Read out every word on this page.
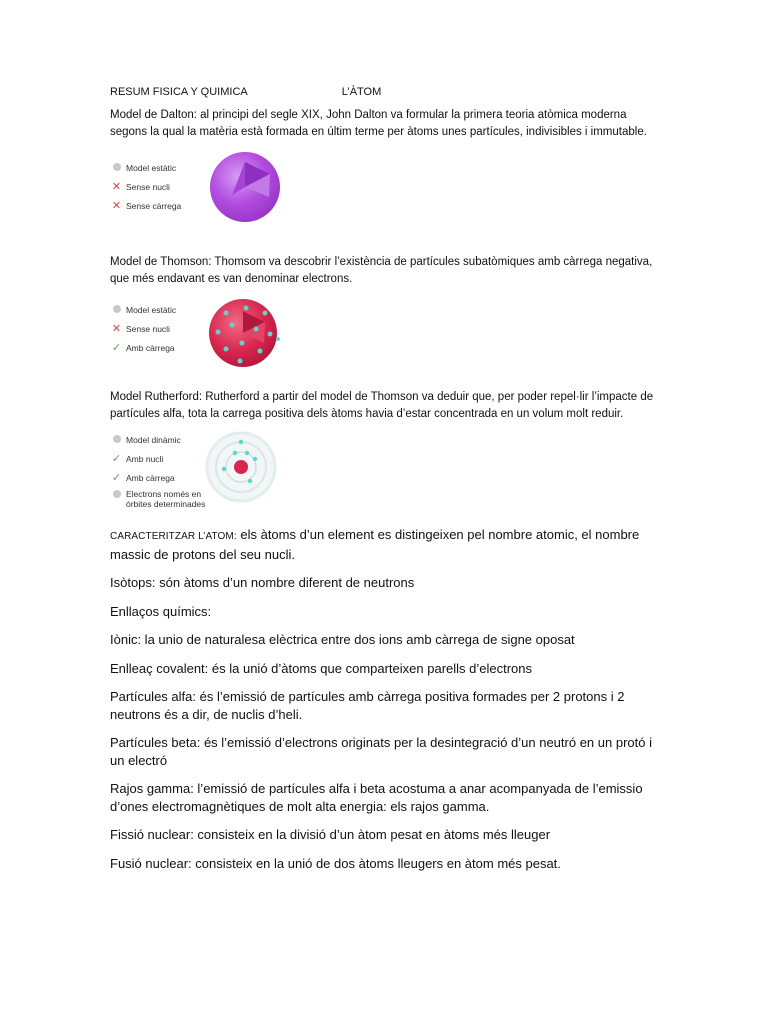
RESUM FISICA Y QUIMICA	L’ÀTOM

Model de Dalton: al principi del segle XIX, John Dalton va formular la primera teoria atòmica moderna segons la qual la matèria està formada en últim terme per àtoms unes partícules, indivisibles i immutable.

Model estàtic
✕ Sense nucli
✕ Sense càrrega

Model de Thomson: Thomsom va descobrir l’existència de partícules subatòmiques amb càrrega negativa, que més endavant es van denominar electrons.

Model estàtic
✕ Sense nucli
✓ Amb càrrega

Model Rutherford: Rutherford a partir del model de Thomson va deduir que, per poder repel·lir l’impacte de partícules alfa, tota la carrega positiva dels àtoms havia d’estar concentrada en un volum molt reduir.

Model dinàmic
✓ Amb nucli
✓ Amb càrrega
Electrons només en
òrbites determinades
CARACTERITZAR L’ATOM: els àtoms d’un element es distingeixen pel nombre atomic, el nombre massic de protons del seu nucli.
Isòtops: són àtoms d’un nombre diferent de neutrons
Enllaços químics:
Iònic: la unio de naturalesa elèctrica entre dos ions amb càrrega de signe oposat
Enlleaç covalent: és la unió d’àtoms que comparteixen parells d’electrons
Partícules alfa: és l’emissió de partícules amb càrrega positiva formades per 2 protons i 2 neutrons és a dir, de nuclis d’heli.
Partícules beta: és l’emissió d’electrons originats per la desintegració d’un neutró en un protó i un electró
Rajos gamma: l’emissió de partícules alfa i beta acostuma a anar acompanyada de l’emissio d’ones electromagnètiques de molt alta energia: els rajos gamma.
Fissió nuclear: consisteix en la divisió d’un àtom pesat en àtoms més lleuger
Fusió nuclear: consisteix en la unió de dos àtoms lleugers en àtom més pesat.
